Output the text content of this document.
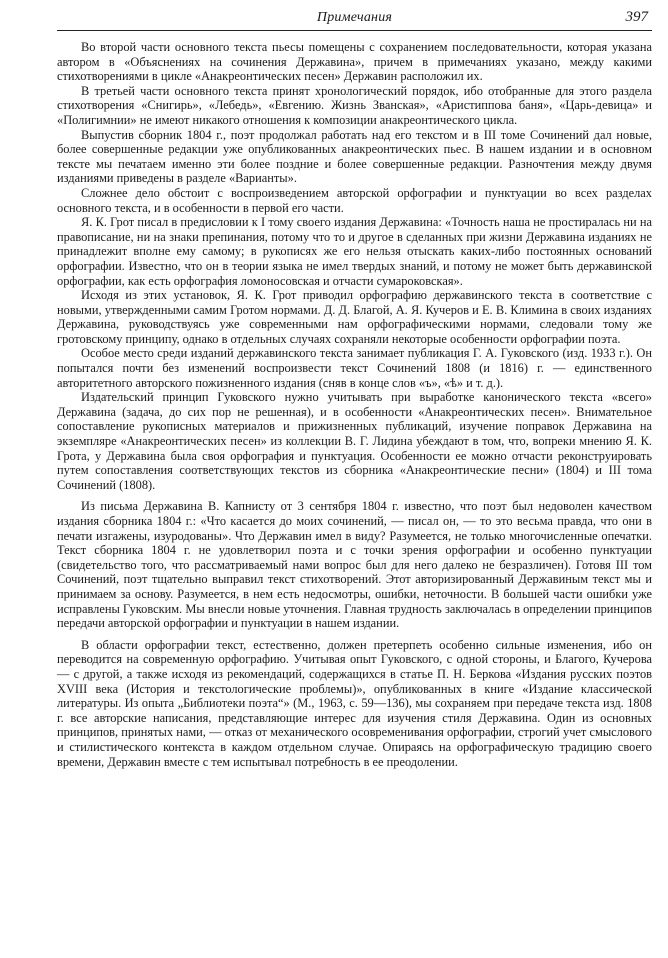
Примечания	397

Во второй части основного текста пьесы помещены с сохранением последовательности, которая указана автором в «Объяснениях на сочинения Державина», причем в примечаниях указано, между какими стихотворениями в цикле «Анакреонтических песен» Державин расположил их.

В третьей части основного текста принят хронологический порядок, ибо отобранные для этого раздела стихотворения «Снигирь», «Лебедь», «Евгению. Жизнь Званская», «Аристиппова баня», «Царь-девица» и «Полигимнии» не имеют никакого отношения к композиции анакреонтического цикла.

Выпустив сборник 1804 г., поэт продолжал работать над его текстом и в III томе Сочинений дал новые, более совершенные редакции уже опубликованных анакреонтических пьес. В нашем издании и в основном тексте мы печатаем именно эти более поздние и более совершенные редакции. Разночтения между двумя изданиями приведены в разделе «Варианты».

Сложнее дело обстоит с воспроизведением авторской орфографии и пунктуации во всех разделах основного текста, и в особенности в первой его части.

Я. К. Грот писал в предисловии к I тому своего издания Державина: «Точность наша не простиралась ни на правописание, ни на знаки препинания, потому что то и другое в сделанных при жизни Державина изданиях не принадлежит вполне ему самому; в рукописях же его нельзя отыскать каких-либо постоянных оснований орфографии. Известно, что он в теории языка не имел твердых знаний, и потому не может быть державинской орфографии, как есть орфография ломоносовская и отчасти сумароковская».

Исходя из этих установок, Я. К. Грот приводил орфографию державинского текста в соответствие с новыми, утвержденными самим Гротом нормами. Д. Д. Благой, А. Я. Кучеров и Е. В. Климина в своих изданиях Державина, руководствуясь уже современными нам орфографическими нормами, следовали тому же гротовскому принципу, однако в отдельных случаях сохраняли некоторые особенности орфографии поэта.

Особое место среди изданий державинского текста занимает публикация Г. А. Гуковского (изд. 1933 г.). Он попытался почти без изменений воспроизвести текст Сочинений 1808 (и 1816) г. — единственного авторитетного авторского пожизненного издания (сняв в конце слов «ъ», «ѣ» и т. д.).

Издательский принцип Гуковского нужно учитывать при выработке канонического текста «всего» Державина (задача, до сих пор не решенная), и в особенности «Анакреонтических песен». Внимательное сопоставление рукописных материалов и прижизненных публикаций, изучение поправок Державина на экземпляре «Анакреонтических песен» из коллекции В. Г. Лидина убеждают в том, что, вопреки мнению Я. К. Грота, у Державина была своя орфография и пунктуация. Особенности ее можно отчасти реконструировать путем сопоставления соответствующих текстов из сборника «Анакреонтические песни» (1804) и III тома Сочинений (1808).

Из письма Державина В. Капнисту от 3 сентября 1804 г. известно, что поэт был недоволен качеством издания сборника 1804 г.: «Что касается до моих сочинений, — писал он, — то это весьма правда, что они в печати изгажены, изуродованы». Что Державин имел в виду? Разумеется, не только многочисленные опечатки. Текст сборника 1804 г. не удовлетворил поэта и с точки зрения орфографии и особенно пунктуации (свидетельство того, что рассматриваемый нами вопрос был для него далеко не безразличен). Готовя III том Сочинений, поэт тщательно выправил текст стихотворений. Этот авторизированный Державиным текст мы и принимаем за основу. Разумеется, в нем есть недосмотры, ошибки, неточности. В большей части ошибки уже исправлены Гуковским. Мы внесли новые уточнения. Главная трудность заключалась в определении принципов передачи авторской орфографии и пунктуации в нашем издании.

В области орфографии текст, естественно, должен претерпеть особенно сильные изменения, ибо он переводится на современную орфографию. Учитывая опыт Гуковского, с одной стороны, и Благого, Кучерова — с другой, а также исходя из рекомендаций, содержащихся в статье П. Н. Беркова «Издания русских поэтов XVIII века (История и текстологические проблемы)», опубликованных в книге «Издание классической литературы. Из опыта „Библиотеки поэта“» (М., 1963, с. 59—136), мы сохраняем при передаче текста изд. 1808 г. все авторские написания, представляющие интерес для изучения стиля Державина. Один из основных принципов, принятых нами, — отказ от механического осовременивания орфографии, строгий учет смыслового и стилистического контекста в каждом отдельном случае. Опираясь на орфографическую традицию своего времени, Державин вместе с тем испытывал потребность в ее преодолении.
